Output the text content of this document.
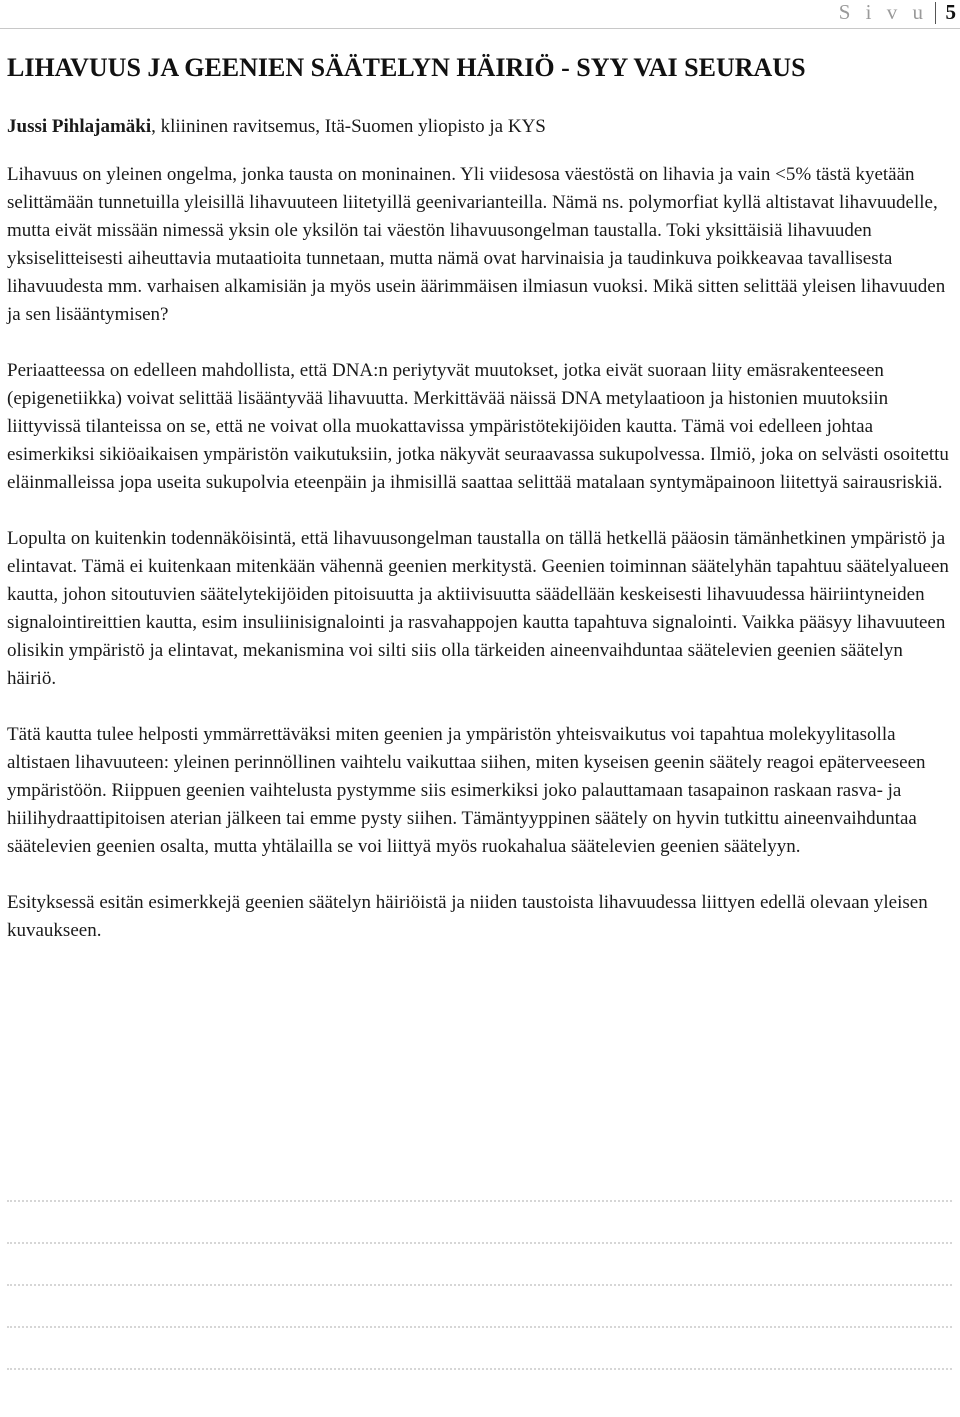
S i v u 5
LIHAVUUS JA GEENIEN SÄÄTELYN HÄIRIÖ - SYY VAI SEURAUS

Jussi Pihlajamäki, kliininen ravitsemus, Itä-Suomen yliopisto ja KYS

Lihavuus on yleinen ongelma, jonka tausta on moninainen. Yli viidesosa väestöstä on lihavia ja vain <5% tästä kyetään selittämään tunnetuilla yleisillä lihavuuteen liitetyillä geenivarianteilla. Nämä ns. polymorfiat kyllä altistavat lihavuudelle, mutta eivät missään nimessä yksin ole yksilön tai väestön lihavuusongelman taustalla. Toki yksittäisiä lihavuuden yksiselitteisesti aiheuttavia mutaatioita tunnetaan, mutta nämä ovat harvinaisia ja taudinkuva poikkeavaa tavallisesta lihavuudesta mm. varhaisen alkamisiän ja myös usein äärimmäisen ilmiasun vuoksi. Mikä sitten selittää yleisen lihavuuden ja sen lisääntymisen?

Periaatteessa on edelleen mahdollista, että DNA:n periytyvät muutokset, jotka eivät suoraan liity emäsrakenteeseen (epigenetiikka) voivat selittää lisääntyvää lihavuutta. Merkittävää näissä DNA metylaatioon ja histonien muutoksiin liittyvissä tilanteissa on se, että ne voivat olla muokattavissa ympäristötekijöiden kautta. Tämä voi edelleen johtaa esimerkiksi sikiöaikaisen ympäristön vaikutuksiin, jotka näkyvät seuraavassa sukupolvessa. Ilmiö, joka on selvästi osoitettu eläinmalleissa jopa useita sukupolvia eteenpäin ja ihmisillä saattaa selittää matalaan syntymäpainoon liitettyä sairausriskiä.

Lopulta on kuitenkin todennäköisintä, että lihavuusongelman taustalla on tällä hetkellä pääosin tämänhetkinen ympäristö ja elintavat. Tämä ei kuitenkaan mitenkään vähennä geenien merkitystä. Geenien toiminnan säätelyhän tapahtuu säätelyalueen kautta, johon sitoutuvien säätelytekijöiden pitoisuutta ja aktiivisuutta säädellään keskeisesti lihavuudessa häiriintyneiden signalointireittien kautta, esim insuliinisignalointi ja rasvahappojen kautta tapahtuva signalointi. Vaikka pääsyy lihavuuteen olisikin ympäristö ja elintavat, mekanismina voi silti siis olla tärkeiden aineenvaihduntaa säätelevien geenien säätelyn häiriö.

Tätä kautta tulee helposti ymmärrettäväksi miten geenien ja ympäristön yhteisvaikutus voi tapahtua molekyylitasolla altistaen lihavuuteen: yleinen perinnöllinen vaihtelu vaikuttaa siihen, miten kyseisen geenin säätely reagoi epäterveeseen ympäristöön. Riippuen geenien vaihtelusta pystymme siis esimerkiksi joko palauttamaan tasapainon raskaan rasva- ja hiilihydraattipitoisen aterian jälkeen tai emme pysty siihen. Tämäntyyppinen säätely on hyvin tutkittu aineenvaihduntaa säätelevien geenien osalta, mutta yhtälailla se voi liittyä myös ruokahalua säätelevien geenien säätelyyn.

Esityksessä esitän esimerkkejä geenien säätelyn häiriöistä ja niiden taustoista lihavuudessa liittyen edellä olevaan yleisen kuvaukseen.
